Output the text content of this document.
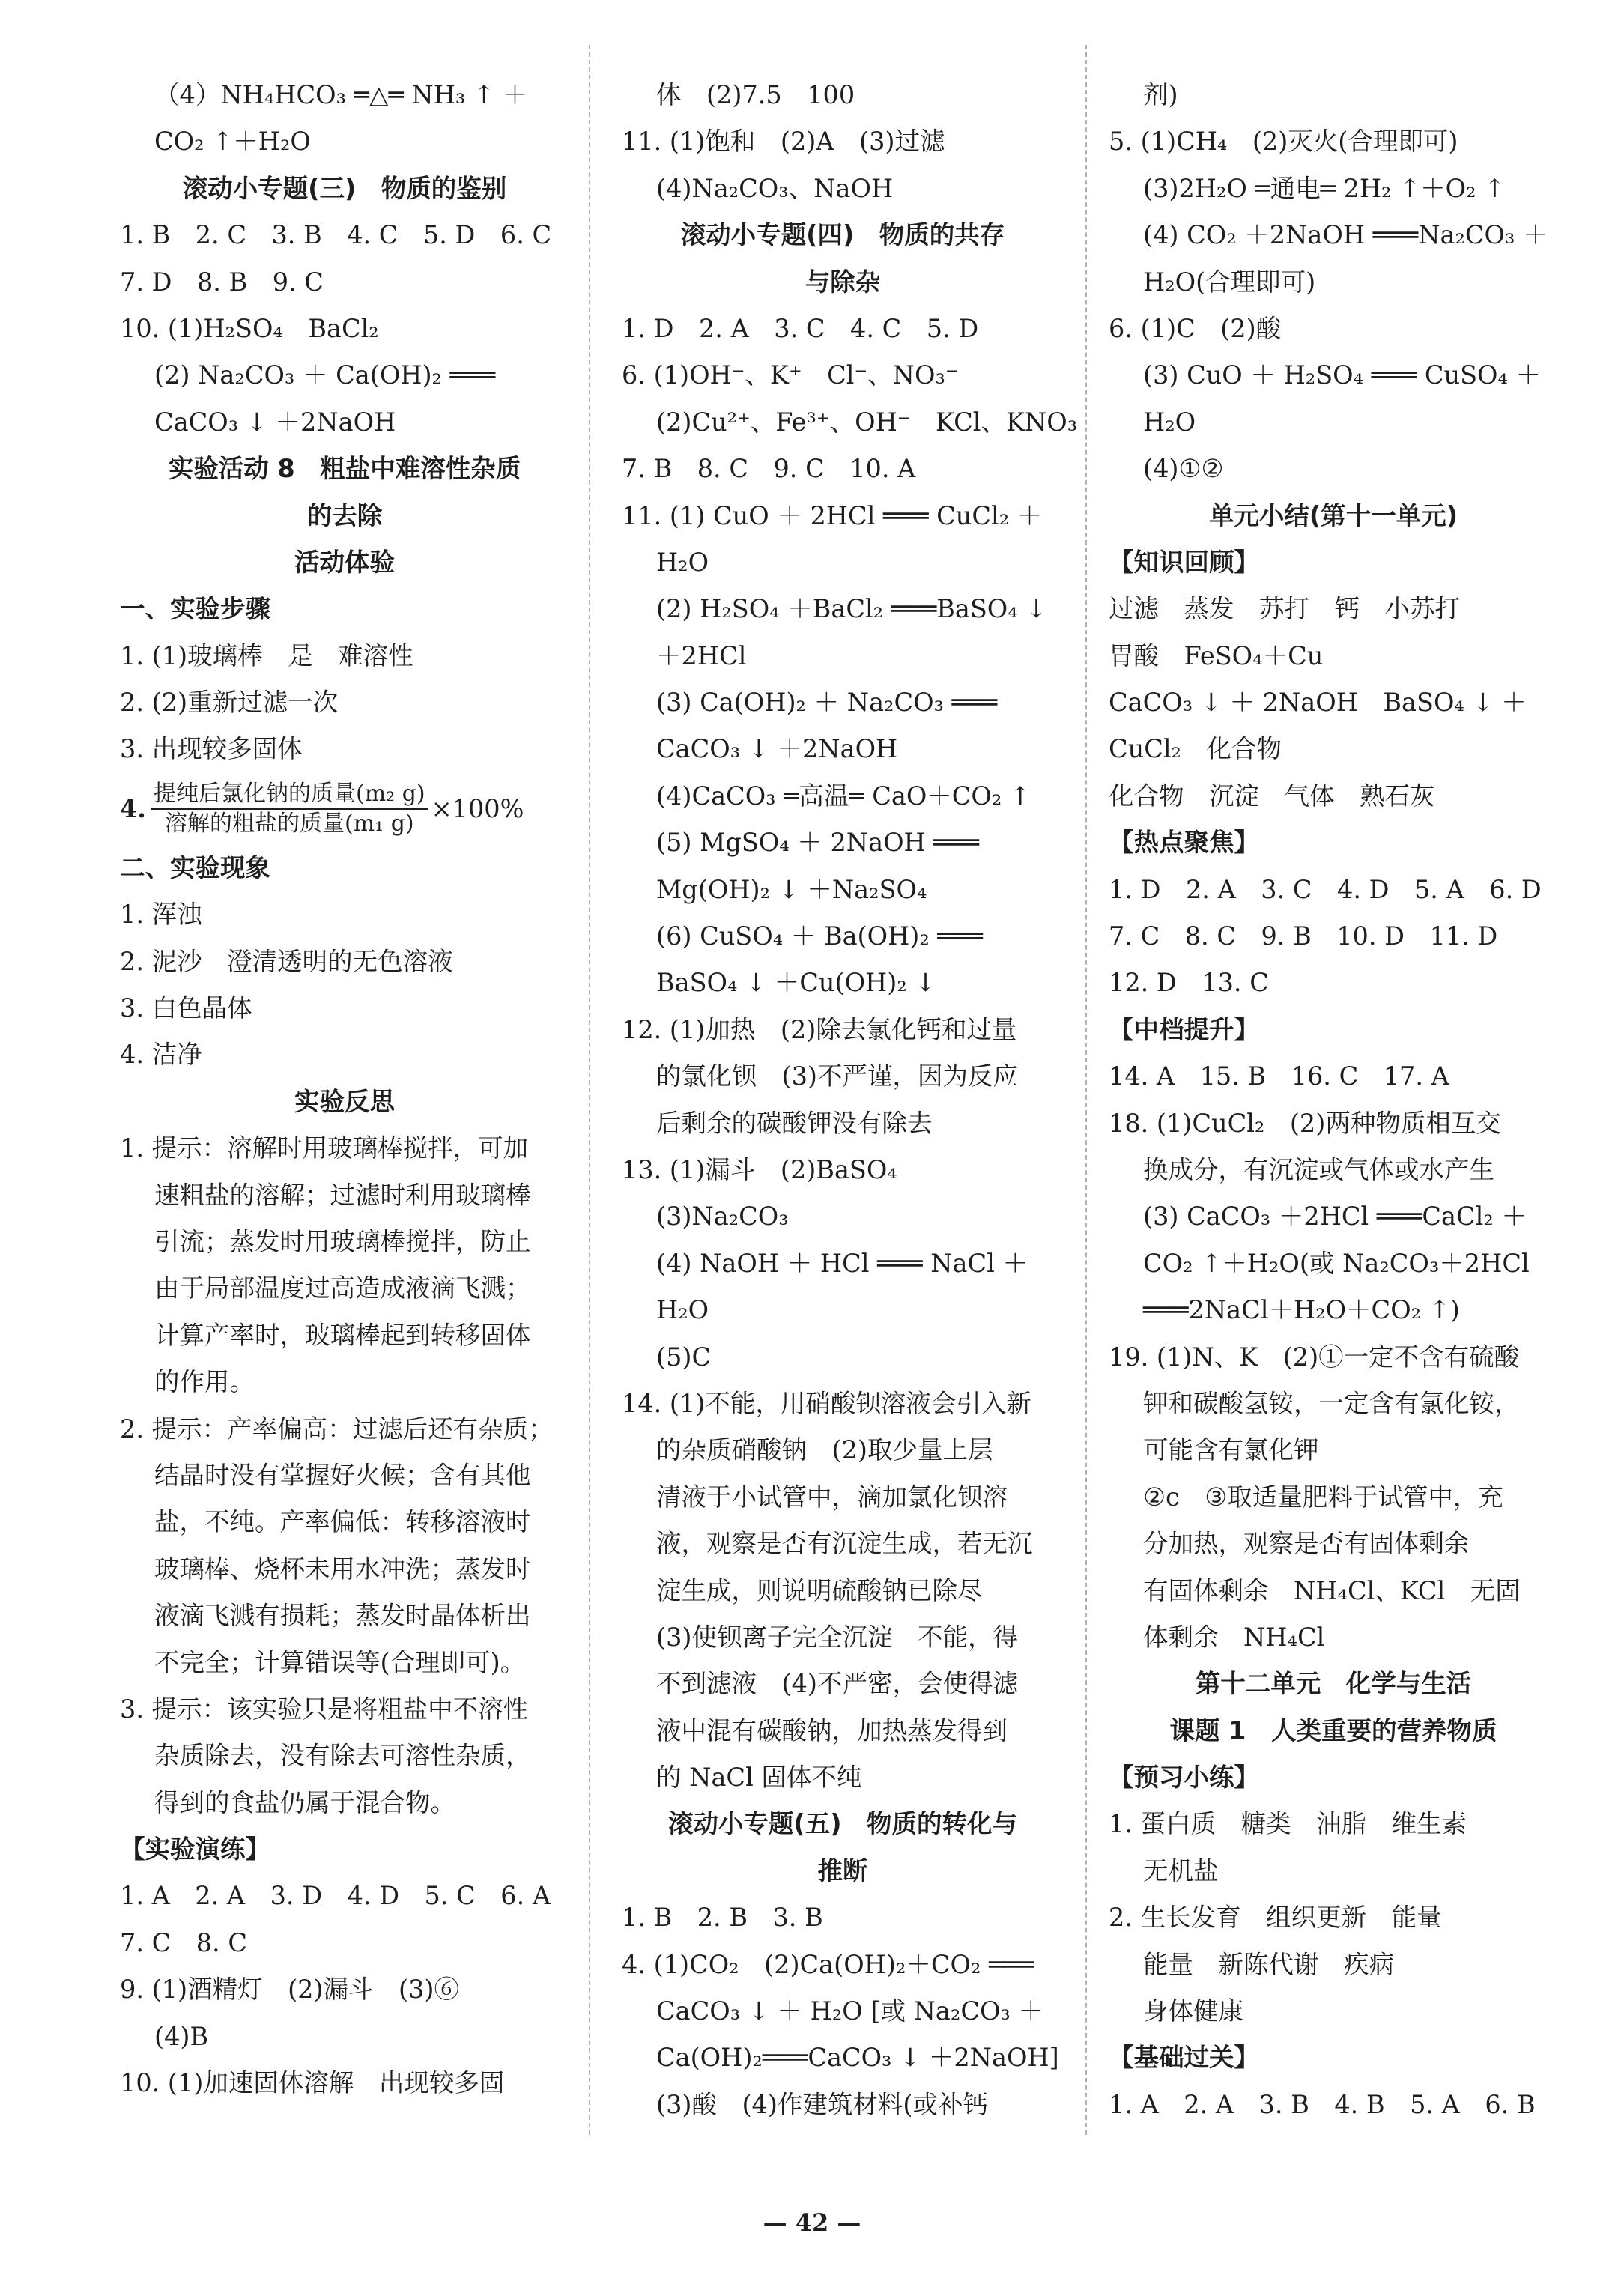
（4）NH₄HCO₃ ═△═ NH₃ ↑ ＋
CO₂ ↑＋H₂O
滚动小专题(三)　物质的鉴别
1. B　2. C　3. B　4. C　5. D　6. C
7. D　8. B　9. C
10. (1)H₂SO₄　BaCl₂
(2) Na₂CO₃ ＋ Ca(OH)₂ ═══
CaCO₃ ↓ ＋2NaOH
实验活动 8　粗盐中难溶性杂质
的去除
活动体验
一、实验步骤
1. (1)玻璃棒　是　难溶性
2. (2)重新过滤一次
3. 出现较多固体
4. $\frac{\text{提纯后氯化钠的质量(m₂ g)}}{\text{溶解的粗盐的质量(m₁ g)}} \times 100\%$
二、实验现象
1. 浑浊
2. 泥沙　澄清透明的无色溶液
3. 白色晶体
4. 洁净
实验反思
1. 提示：溶解时用玻璃棒搅拌，可加
速粗盐的溶解；过滤时利用玻璃棒
引流；蒸发时用玻璃棒搅拌，防止
由于局部温度过高造成液滴飞溅；
计算产率时，玻璃棒起到转移固体
的作用。
2. 提示：产率偏高：过滤后还有杂质；
结晶时没有掌握好火候；含有其他
盐，不纯。产率偏低：转移溶液时
玻璃棒、烧杯未用水冲洗；蒸发时
液滴飞溅有损耗；蒸发时晶体析出
不完全；计算错误等(合理即可)。
3. 提示：该实验只是将粗盐中不溶性
杂质除去，没有除去可溶性杂质，
得到的食盐仍属于混合物。
【实验演练】
1. A　2. A　3. D　4. D　5. C　6. A
7. C　8. C
9. (1)酒精灯　(2)漏斗　(3)⑥
(4)B
10. (1)加速固体溶解　出现较多固
体　(2)7.5　100
11. (1)饱和　(2)A　(3)过滤
(4)Na₂CO₃、NaOH
滚动小专题(四)　物质的共存
与除杂
1. D　2. A　3. C　4. C　5. D
6. (1)OH⁻、K⁺　Cl⁻、NO₃⁻
(2)Cu²⁺、Fe³⁺、OH⁻　KCl、KNO₃
7. B　8. C　9. C　10. A
11. (1) CuO ＋ 2HCl ═══ CuCl₂ ＋
H₂O
(2) H₂SO₄ ＋BaCl₂ ═══BaSO₄ ↓
＋2HCl
(3) Ca(OH)₂ ＋ Na₂CO₃ ═══
CaCO₃ ↓ ＋2NaOH
(4)CaCO₃ ═高温═ CaO＋CO₂ ↑
(5) MgSO₄ ＋ 2NaOH ═══
Mg(OH)₂ ↓ ＋Na₂SO₄
(6) CuSO₄ ＋ Ba(OH)₂ ═══
BaSO₄ ↓ ＋Cu(OH)₂ ↓
12. (1)加热　(2)除去氯化钙和过量
的氯化钡　(3)不严谨，因为反应
后剩余的碳酸钾没有除去
13. (1)漏斗　(2)BaSO₄
(3)Na₂CO₃
(4) NaOH ＋ HCl ═══ NaCl ＋
H₂O
(5)C
14. (1)不能，用硝酸钡溶液会引入新
的杂质硝酸钠　(2)取少量上层
清液于小试管中，滴加氯化钡溶
液，观察是否有沉淀生成，若无沉
淀生成，则说明硫酸钠已除尽
(3)使钡离子完全沉淀　不能，得
不到滤液　(4)不严密，会使得滤
液中混有碳酸钠，加热蒸发得到
的 NaCl 固体不纯
滚动小专题(五)　物质的转化与
推断
1. B　2. B　3. B
4. (1)CO₂　(2)Ca(OH)₂＋CO₂ ═══
CaCO₃ ↓ ＋ H₂O [或 Na₂CO₃ ＋
Ca(OH)₂═══CaCO₃ ↓ ＋2NaOH]
(3)酸　(4)作建筑材料(或补钙
剂)
5. (1)CH₄　(2)灭火(合理即可)
(3)2H₂O ═通电═ 2H₂ ↑＋O₂ ↑
(4) CO₂ ＋2NaOH ═══Na₂CO₃ ＋
H₂O(合理即可)
6. (1)C　(2)酸
(3) CuO ＋ H₂SO₄ ═══ CuSO₄ ＋
H₂O
(4)①②
单元小结(第十一单元)
【知识回顾】
过滤　蒸发　苏打　钙　小苏打
胃酸　FeSO₄＋Cu
CaCO₃ ↓ ＋ 2NaOH　BaSO₄ ↓ ＋
CuCl₂　化合物
化合物　沉淀　气体　熟石灰
【热点聚焦】
1. D　2. A　3. C　4. D　5. A　6. D
7. C　8. C　9. B　10. D　11. D
12. D　13. C
【中档提升】
14. A　15. B　16. C　17. A
18. (1)CuCl₂　(2)两种物质相互交
换成分，有沉淀或气体或水产生
(3) CaCO₃ ＋2HCl ═══CaCl₂ ＋
CO₂ ↑＋H₂O(或 Na₂CO₃＋2HCl
═══2NaCl＋H₂O＋CO₂ ↑)
19. (1)N、K　(2)①一定不含有硫酸
钾和碳酸氢铵，一定含有氯化铵，
可能含有氯化钾
②c　③取适量肥料于试管中，充
分加热，观察是否有固体剩余
有固体剩余　NH₄Cl、KCl　无固
体剩余　NH₄Cl
第十二单元　化学与生活
课题 1　人类重要的营养物质
【预习小练】
1. 蛋白质　糖类　油脂　维生素
无机盐
2. 生长发育　组织更新　能量
能量　新陈代谢　疾病
身体健康
【基础过关】
1. A　2. A　3. B　4. B　5. A　6. B
— 42 —
